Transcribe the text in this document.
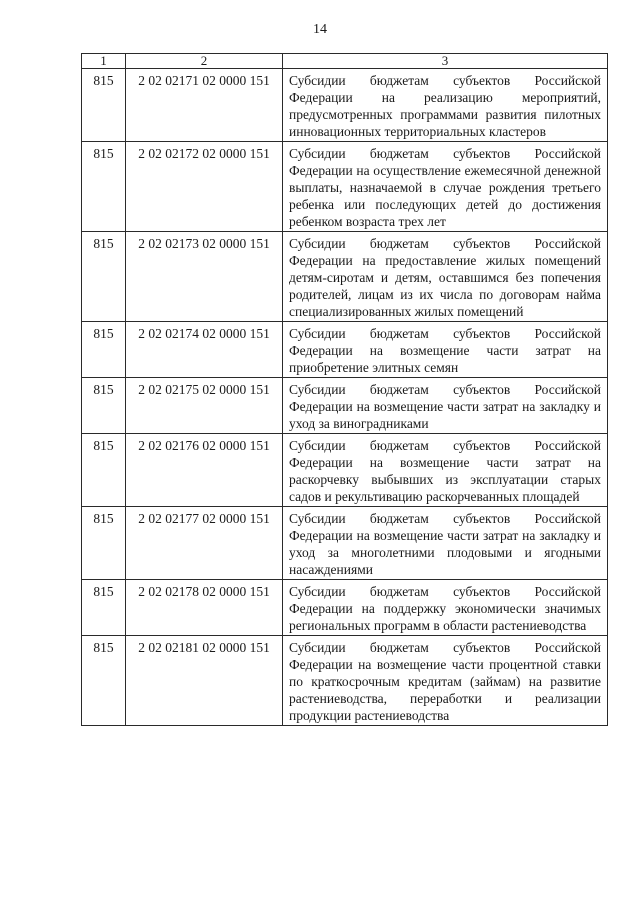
14
1	2	3
815	2 02 02171 02 0000 151	Субсидии бюджетам субъектов Российской Федерации на реализацию мероприятий, предусмотренных программами развития пилотных инновационных территориальных кластеров
815	2 02 02172 02 0000 151	Субсидии бюджетам субъектов Российской Федерации на осуществление ежемесячной денежной выплаты, назначаемой в случае рождения третьего ребенка или последующих детей до достижения ребенком возраста трех лет
815	2 02 02173 02 0000 151	Субсидии бюджетам субъектов Российской Федерации на предоставление жилых помещений детям-сиротам и детям, оставшимся без попечения родителей, лицам из их числа по договорам найма специализированных жилых помещений
815	2 02 02174 02 0000 151	Субсидии бюджетам субъектов Российской Федерации на возмещение части затрат на приобретение элитных семян
815	2 02 02175 02 0000 151	Субсидии бюджетам субъектов Российской Федерации на возмещение части затрат на закладку и уход за виноградниками
815	2 02 02176 02 0000 151	Субсидии бюджетам субъектов Российской Федерации на возмещение части затрат на раскорчевку выбывших из эксплуатации старых садов и рекультивацию раскорчеванных площадей
815	2 02 02177 02 0000 151	Субсидии бюджетам субъектов Российской Федерации на возмещение части затрат на закладку и уход за многолетними плодовыми и ягодными насаждениями
815	2 02 02178 02 0000 151	Субсидии бюджетам субъектов Российской Федерации на поддержку экономически значимых региональных программ в области растениеводства
815	2 02 02181 02 0000 151	Субсидии бюджетам субъектов Российской Федерации на возмещение части процентной ставки по краткосрочным кредитам (займам) на развитие растениеводства, переработки и реализации продукции растениеводства
